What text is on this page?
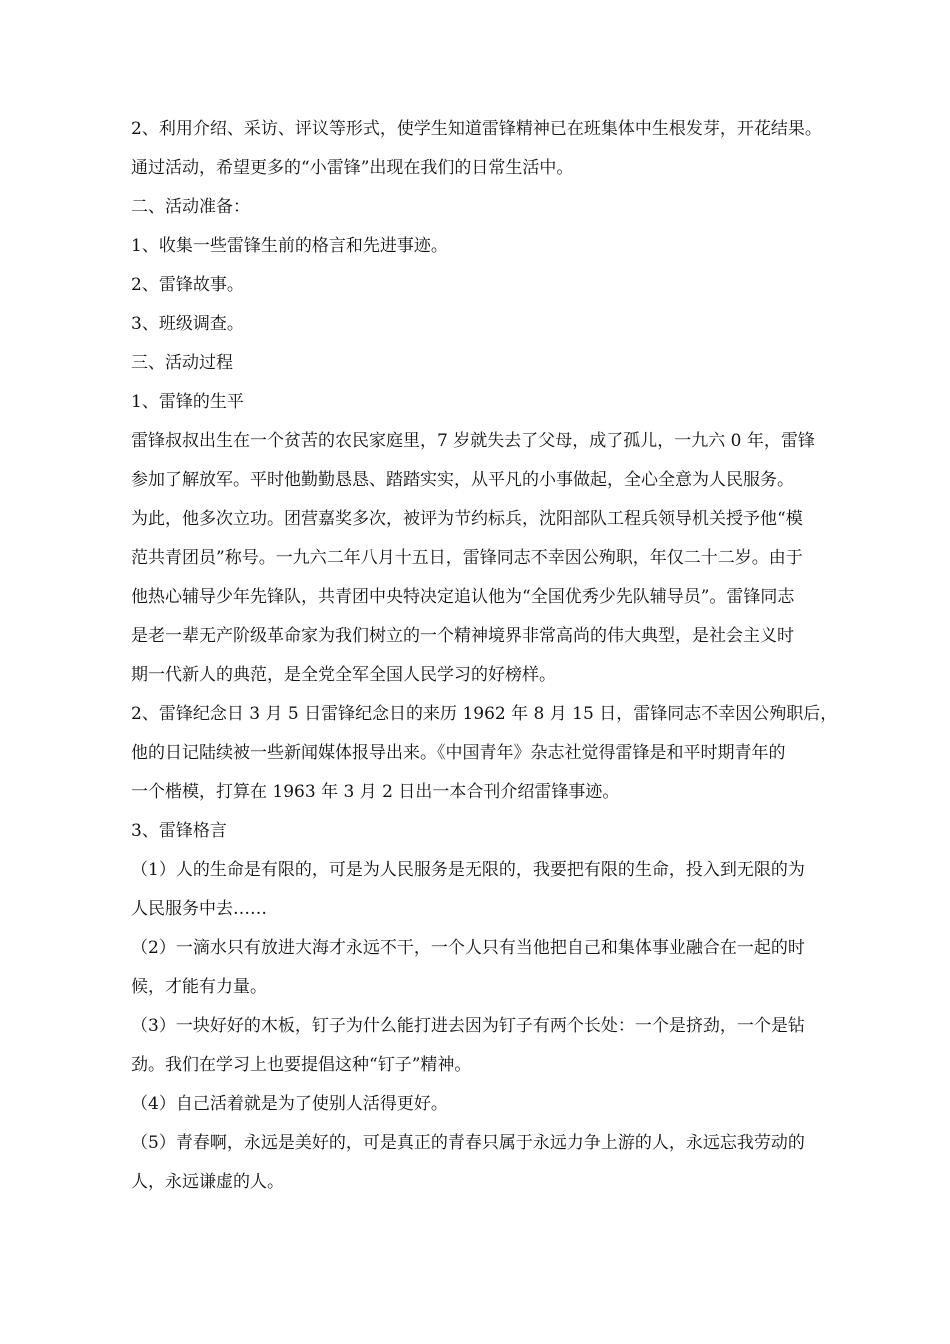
2、利用介绍、采访、评议等形式，使学生知道雷锋精神已在班集体中生根发芽，开花结果。
通过活动，希望更多的“小雷锋”出现在我们的日常生活中。
二、活动准备：
1、收集一些雷锋生前的格言和先进事迹。
2、雷锋故事。
3、班级调查。
三、活动过程
1、雷锋的生平
雷锋叔叔出生在一个贫苦的农民家庭里，7 岁就失去了父母，成了孤儿，一九六 0 年，雷锋
参加了解放军。平时他勤勤恳恳、踏踏实实，从平凡的小事做起，全心全意为人民服务。
为此，他多次立功。团营嘉奖多次，被评为节约标兵，沈阳部队工程兵领导机关授予他“模
范共青团员”称号。一九六二年八月十五日，雷锋同志不幸因公殉职，年仅二十二岁。由于
他热心辅导少年先锋队，共青团中央特决定追认他为“全国优秀少先队辅导员”。雷锋同志
是老一辈无产阶级革命家为我们树立的一个精神境界非常高尚的伟大典型，是社会主义时
期一代新人的典范，是全党全军全国人民学习的好榜样。
2、雷锋纪念日 3 月 5 日雷锋纪念日的来历 1962 年 8 月 15 日，雷锋同志不幸因公殉职后，
他的日记陆续被一些新闻媒体报导出来。《中国青年》杂志社觉得雷锋是和平时期青年的
一个楷模，打算在 1963 年 3 月 2 日出一本合刊介绍雷锋事迹。
3、雷锋格言
（1）人的生命是有限的，可是为人民服务是无限的，我要把有限的生命，投入到无限的为
人民服务中去……
（2）一滴水只有放进大海才永远不干，一个人只有当他把自己和集体事业融合在一起的时
候，才能有力量。
（3）一块好好的木板，钉子为什么能打进去因为钉子有两个长处：一个是挤劲，一个是钻
劲。我们在学习上也要提倡这种“钉子”精神。
（4）自己活着就是为了使别人活得更好。
（5）青春啊，永远是美好的，可是真正的青春只属于永远力争上游的人，永远忘我劳动的
人，永远谦虚的人。
